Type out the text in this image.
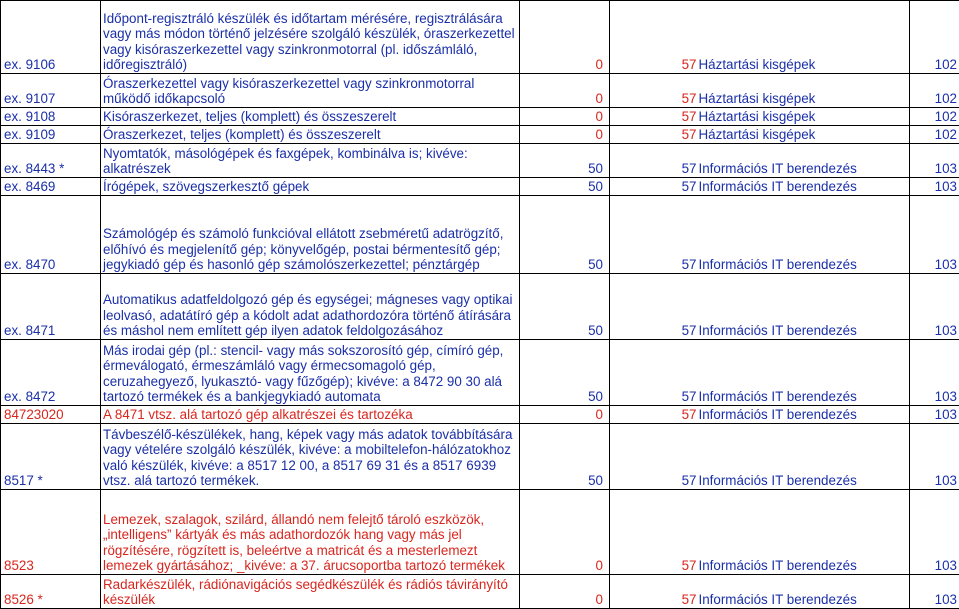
ex. 9106	Időpont-regisztráló készülék és időtartam mérésére, regisztrálására vagy más módon történő jelzésére szolgáló készülék, óraszerkezettel vagy kisóraszerkezettel vagy szinkronmotorral (pl. időszámláló, időregisztráló)	0	57	Háztartási kisgépek	102
ex. 9107	Óraszerkezettel vagy kisóraszerkezettel vagy szinkronmotorral működő időkapcsoló	0	57	Háztartási kisgépek	102
ex. 9108	Kisóraszerkezet, teljes (komplett) és összeszerelt	0	57	Háztartási kisgépek	102
ex. 9109	Óraszerkezet, teljes (komplett) és összeszerelt	0	57	Háztartási kisgépek	102
ex. 8443 *	Nyomtatók, másológépek és faxgépek, kombinálva is; kivéve: alkatrészek	50	57	Információs IT berendezés	103
ex. 8469	Írógépek, szövegszerkesztő gépek	50	57	Információs IT berendezés	103
ex. 8470	Számológép és számoló funkcióval ellátott zsebméretű adatrögzítő, előhívó és megjelenítő gép; könyvelőgép, postai bérmentesítő gép; jegykiadó gép és hasonló gép számolószerkezettel; pénztárgép	50	57	Információs IT berendezés	103
ex. 8471	Automatikus adatfeldolgozó gép és egységei; mágneses vagy optikai leolvasó, adatátíró gép a kódolt adat adathordozóra történő átírására és máshol nem említett gép ilyen adatok feldolgozásához	50	57	Információs IT berendezés	103
ex. 8472	Más irodai gép (pl.: stencil- vagy más sokszorosító gép, címíró gép, érmeválogató, érmeszámláló vagy érmecsomagoló gép, ceruzahegyező, lyukasztó- vagy fűzőgép); kivéve: a 8472 90 30 alá tartozó termékek és a bankjegykiadó automata	50	57	Információs IT berendezés	103
84723020	A 8471 vtsz. alá tartozó gép alkatrészei és tartozéka	0	57	Információs IT berendezés	103
8517 *	Távbeszélő-készülékek, hang, képek vagy más adatok továbbítására vagy vételére szolgáló készülék, kivéve: a mobiltelefon-hálózatokhoz való készülék, kivéve: a 8517 12 00, a 8517 69 31 és a 8517 6939 vtsz. alá tartozó termékek.	50	57	Információs IT berendezés	103
8523	Lemezek, szalagok, szilárd, állandó nem felejtő tároló eszközök, „intelligens” kártyák és más adathordozók hang vagy más jel rögzítésére, rögzített is, beleértve a matricát és a mesterlemezt lemezek gyártásához; _kivéve: a 37. árucsoportba tartozó termékek	0	57	Információs IT berendezés	103
8526 *	Radarkészülék, rádiónavigációs segédkészülék és rádiós távirányító készülék	0	57	Információs IT berendezés	103
